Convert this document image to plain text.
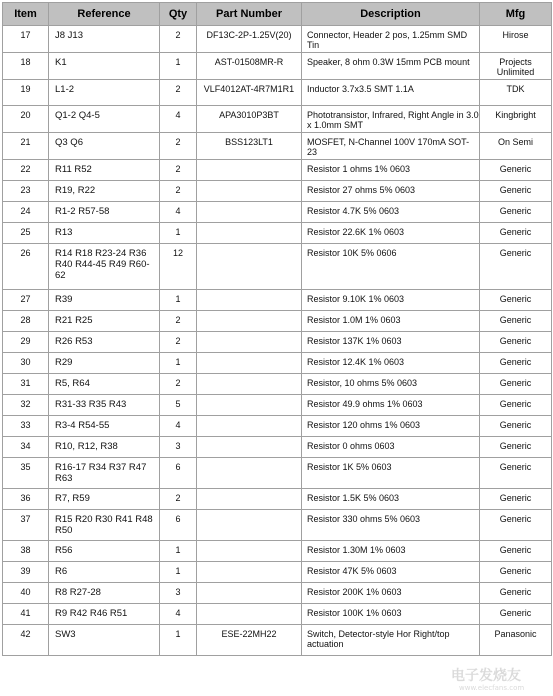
Item	Reference	Qty	Part Number	Description	Mfg
17	J8 J13	2	DF13C-2P-1.25V(20)	Connector, Header 2 pos, 1.25mm SMD Tin	Hirose
18	K1	1	AST-01508MR-R	Speaker, 8 ohm 0.3W 15mm PCB mount	Projects Unlimited
19	L1-2	2	VLF4012AT-4R7M1R1	Inductor 3.7x3.5 SMT 1.1A	TDK
20	Q1-2 Q4-5	4	APA3010P3BT	Phototransistor, Infrared, Right Angle in 3.0 x 1.0mm SMT	Kingbright
21	Q3 Q6	2	BSS123LT1	MOSFET, N-Channel 100V 170mA SOT-23	On Semi
22	R11 R52	2		Resistor 1 ohms 1% 0603	Generic
23	R19, R22	2		Resistor 27 ohms 5% 0603	Generic
24	R1-2 R57-58	4		Resistor 4.7K 5% 0603	Generic
25	R13	1		Resistor 22.6K 1% 0603	Generic
26	R14 R18 R23-24 R36 R40 R44-45 R49 R60-62	12		Resistor 10K 5% 0606	Generic
27	R39	1		Resistor 9.10K 1% 0603	Generic
28	R21 R25	2		Resistor 1.0M 1% 0603	Generic
29	R26 R53	2		Resistor 137K 1% 0603	Generic
30	R29	1		Resistor 12.4K 1% 0603	Generic
31	R5, R64	2		Resistor, 10 ohms 5% 0603	Generic
32	R31-33 R35 R43	5		Resistor 49.9 ohms 1% 0603	Generic
33	R3-4 R54-55	4		Resistor 120 ohms 1% 0603	Generic
34	R10, R12, R38	3		Resistor 0 ohms 0603	Generic
35	R16-17 R34 R37 R47 R63	6		Resistor 1K 5% 0603	Generic
36	R7, R59	2		Resistor 1.5K 5% 0603	Generic
37	R15 R20 R30 R41 R48 R50	6		Resistor 330 ohms 5% 0603	Generic
38	R56	1		Resistor 1.30M 1% 0603	Generic
39	R6	1		Resistor 47K 5% 0603	Generic
40	R8 R27-28	3		Resistor 200K 1% 0603	Generic
41	R9 R42 R46 R51	4		Resistor 100K 1% 0603	Generic
42	SW3	1	ESE-22MH22	Switch, Detector-style Hor Right/top actuation	Panasonic
电子发烧友
www.elecfans.com
